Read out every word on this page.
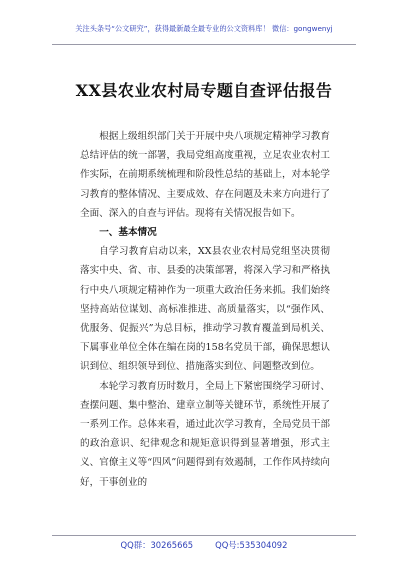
关注头条号“公文研究”，获得最新最全最专业的公文资料库！ 微信：gongwenyj
XX县农业农村局专题自查评估报告

根据上级组织部门关于开展中央八项规定精神学习教育总结评估的统一部署，我局党组高度重视，立足农业农村工作实际，在前期系统梳理和阶段性总结的基础上，对本轮学习教育的整体情况、主要成效、存在问题及未来方向进行了全面、深入的自查与评估。现将有关情况报告如下。

一、基本情况

自学习教育启动以来，XX县农业农村局党组坚决贯彻落实中央、省、市、县委的决策部署，将深入学习和严格执行中央八项规定精神作为一项重大政治任务来抓。我们始终坚持高站位谋划、高标准推进、高质量落实，以“强作风、优服务、促振兴”为总目标，推动学习教育覆盖到局机关、下属事业单位全体在编在岗的158名党员干部，确保思想认识到位、组织领导到位、措施落实到位、问题整改到位。

本轮学习教育历时数月，全局上下紧密围绕学习研讨、查摆问题、集中整治、建章立制等关键环节，系统性开展了一系列工作。总体来看，通过此次学习教育，全局党员干部的政治意识、纪律观念和规矩意识得到显著增强，形式主义、官僚主义等“四风”问题得到有效遏制，工作作风持续向好，干事创业的

QQ群：30265665	QQ号:535304092
